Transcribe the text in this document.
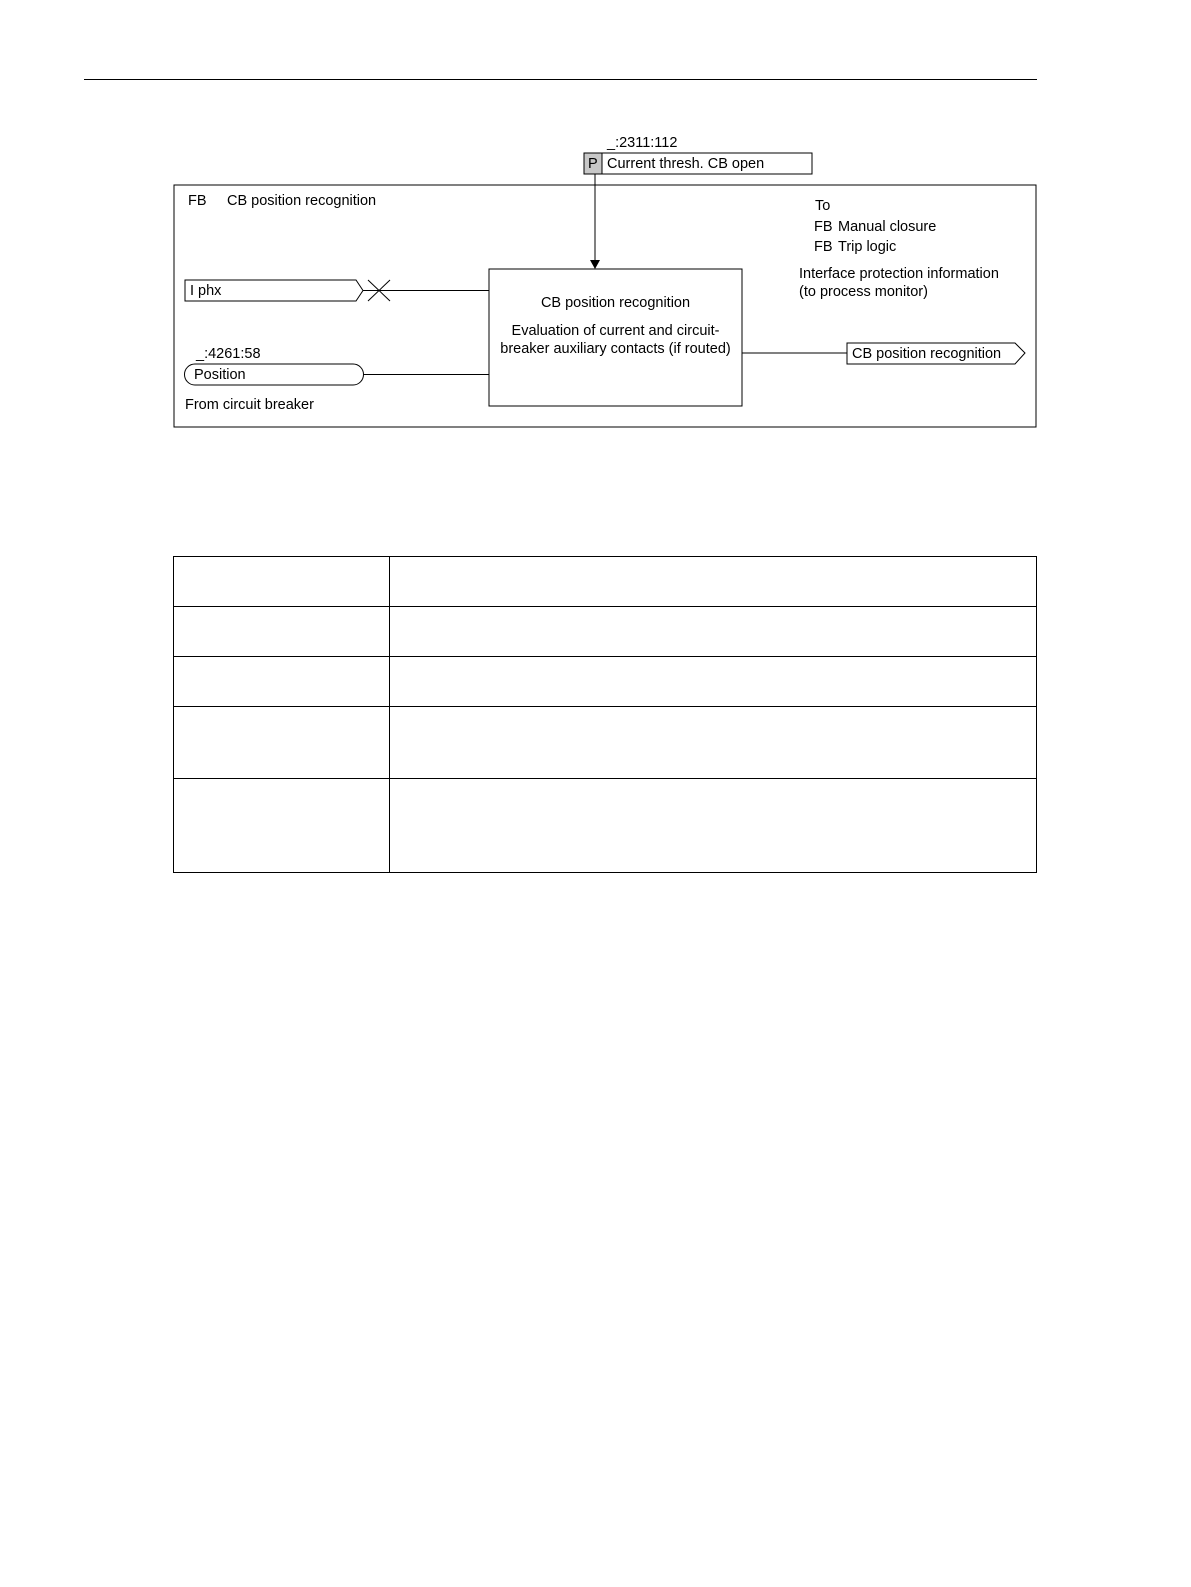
_:2311:112
P Current thresh. CB open
FB CB position recognition	To
FB Manual closure
FB Trip logic
Interface protection information
(to process monitor)
I phx
_:4261:58
Position
From circuit breaker
CB position recognition
Evaluation of current and circuit-
breaker auxiliary contacts (if routed)	CB position recognition
